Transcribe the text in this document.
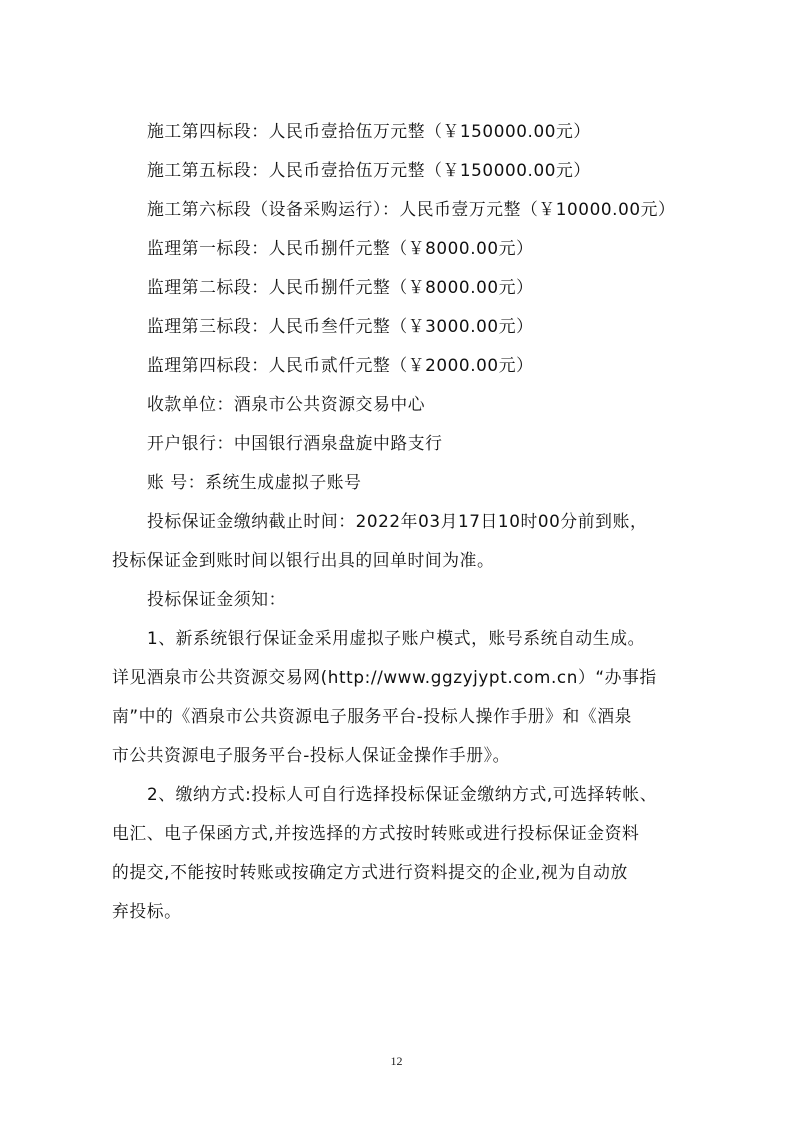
施工第四标段：人民币壹拾伍万元整（￥150000.00元）
施工第五标段：人民币壹拾伍万元整（￥150000.00元）
施工第六标段（设备采购运行）：人民币壹万元整（￥10000.00元）
监理第一标段：人民币捌仟元整（￥8000.00元）
监理第二标段：人民币捌仟元整（￥8000.00元）
监理第三标段：人民币叁仟元整（￥3000.00元）
监理第四标段：人民币贰仟元整（￥2000.00元）
收款单位：酒泉市公共资源交易中心
开户银行：中国银行酒泉盘旋中路支行
账 号：系统生成虚拟子账号
投标保证金缴纳截止时间：2022年03月17日10时00分前到账，
投标保证金到账时间以银行出具的回单时间为准。
投标保证金须知：
1、新系统银行保证金采用虚拟子账户模式，账号系统自动生成。
详见酒泉市公共资源交易网(http://www.ggzyjypt.com.cn）“办事指
南”中的《酒泉市公共资源电子服务平台-投标人操作手册》和《酒泉
市公共资源电子服务平台-投标人保证金操作手册》。
2、缴纳方式:投标人可自行选择投标保证金缴纳方式,可选择转帐、
电汇、电子保函方式,并按选择的方式按时转账或进行投标保证金资料
的提交,不能按时转账或按确定方式进行资料提交的企业,视为自动放
弃投标。
12
